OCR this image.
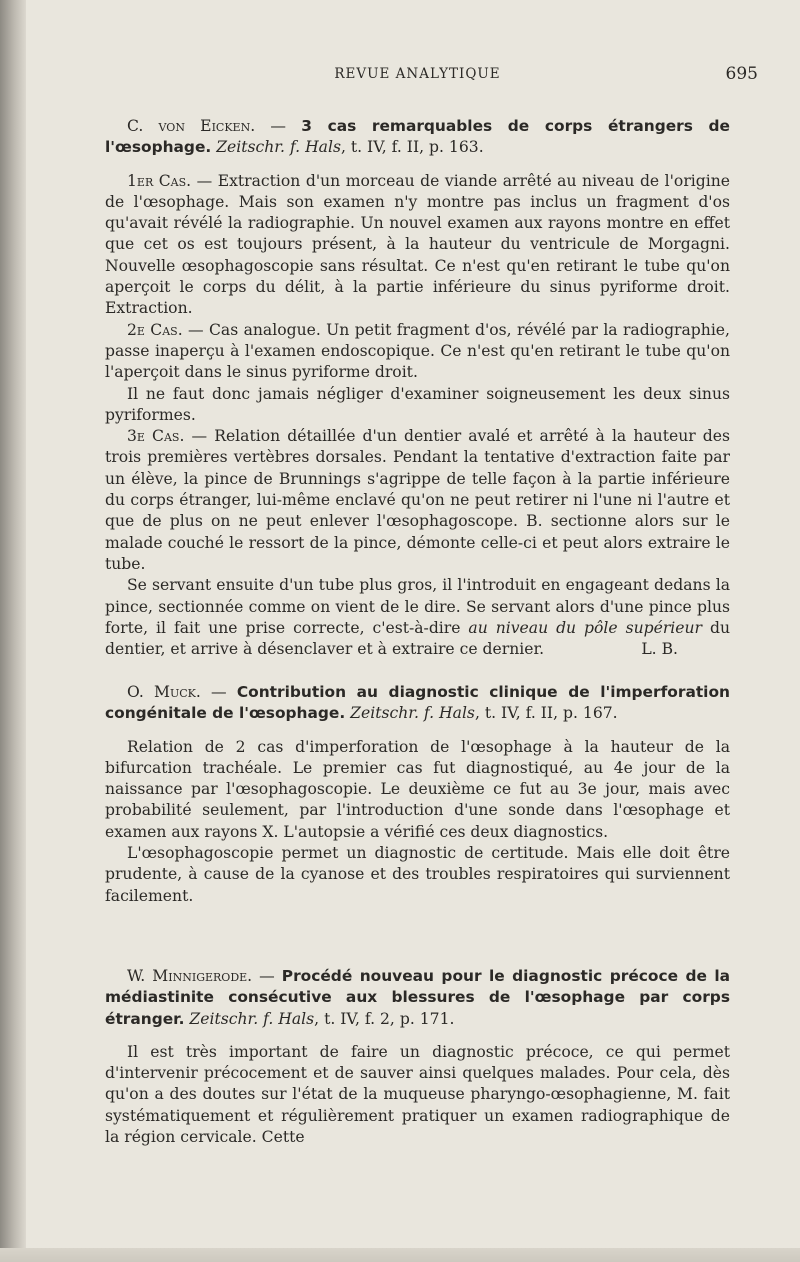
REVUE ANALYTIQUE	695

C. von Eicken. — 3 cas remarquables de corps étrangers de l'œsophage. Zeitschr. f. Hals, t. IV, f. II, p. 163.

1er Cas. — Extraction d'un morceau de viande arrêté au niveau de l'origine de l'œsophage. Mais son examen n'y montre pas inclus un fragment d'os qu'avait révélé la radiographie. Un nouvel examen aux rayons montre en effet que cet os est toujours présent, à la hauteur du ventricule de Morgagni. Nouvelle œsophagoscopie sans résultat. Ce n'est qu'en retirant le tube qu'on aperçoit le corps du délit, à la partie inférieure du sinus pyriforme droit. Extraction.

2e Cas. — Cas analogue. Un petit fragment d'os, révélé par la radiographie, passe inaperçu à l'examen endoscopique. Ce n'est qu'en retirant le tube qu'on l'aperçoit dans le sinus pyriforme droit.

Il ne faut donc jamais négliger d'examiner soigneusement les deux sinus pyriformes.

3e Cas. — Relation détaillée d'un dentier avalé et arrêté à la hauteur des trois premières vertèbres dorsales. Pendant la tentative d'extraction faite par un élève, la pince de Brunnings s'agrippe de telle façon à la partie inférieure du corps étranger, lui-même enclavé qu'on ne peut retirer ni l'une ni l'autre et que de plus on ne peut enlever l'œsophagoscope. B. sectionne alors sur le malade couché le ressort de la pince, démonte celle-ci et peut alors extraire le tube.

Se servant ensuite d'un tube plus gros, il l'introduit en engageant dedans la pince, sectionnée comme on vient de le dire. Se servant alors d'une pince plus forte, il fait une prise correcte, c'est-à-dire au niveau du pôle supérieur du dentier, et arrive à désenclaver et à extraire ce dernier.	L. B.

O. Muck. — Contribution au diagnostic clinique de l'imperforation congénitale de l'œsophage. Zeitschr. f. Hals, t. IV, f. II, p. 167.

Relation de 2 cas d'imperforation de l'œsophage à la hauteur de la bifurcation trachéale. Le premier cas fut diagnostiqué, au 4e jour de la naissance par l'œsophagoscopie. Le deuxième ce fut au 3e jour, mais avec probabilité seulement, par l'introduction d'une sonde dans l'œsophage et examen aux rayons X. L'autopsie a vérifié ces deux diagnostics.

L'œsophagoscopie permet un diagnostic de certitude. Mais elle doit être prudente, à cause de la cyanose et des troubles respiratoires qui surviennent facilement.

W. Minnigerode. — Procédé nouveau pour le diagnostic précoce de la médiastinite consécutive aux blessures de l'œsophage par corps étranger. Zeitschr. f. Hals, t. IV, f. 2, p. 171.

Il est très important de faire un diagnostic précoce, ce qui permet d'intervenir précocement et de sauver ainsi quelques malades. Pour cela, dès qu'on a des doutes sur l'état de la muqueuse pharyngo-œsophagienne, M. fait systématiquement et régulièrement pratiquer un examen radiographique de la région cervicale. Cette
